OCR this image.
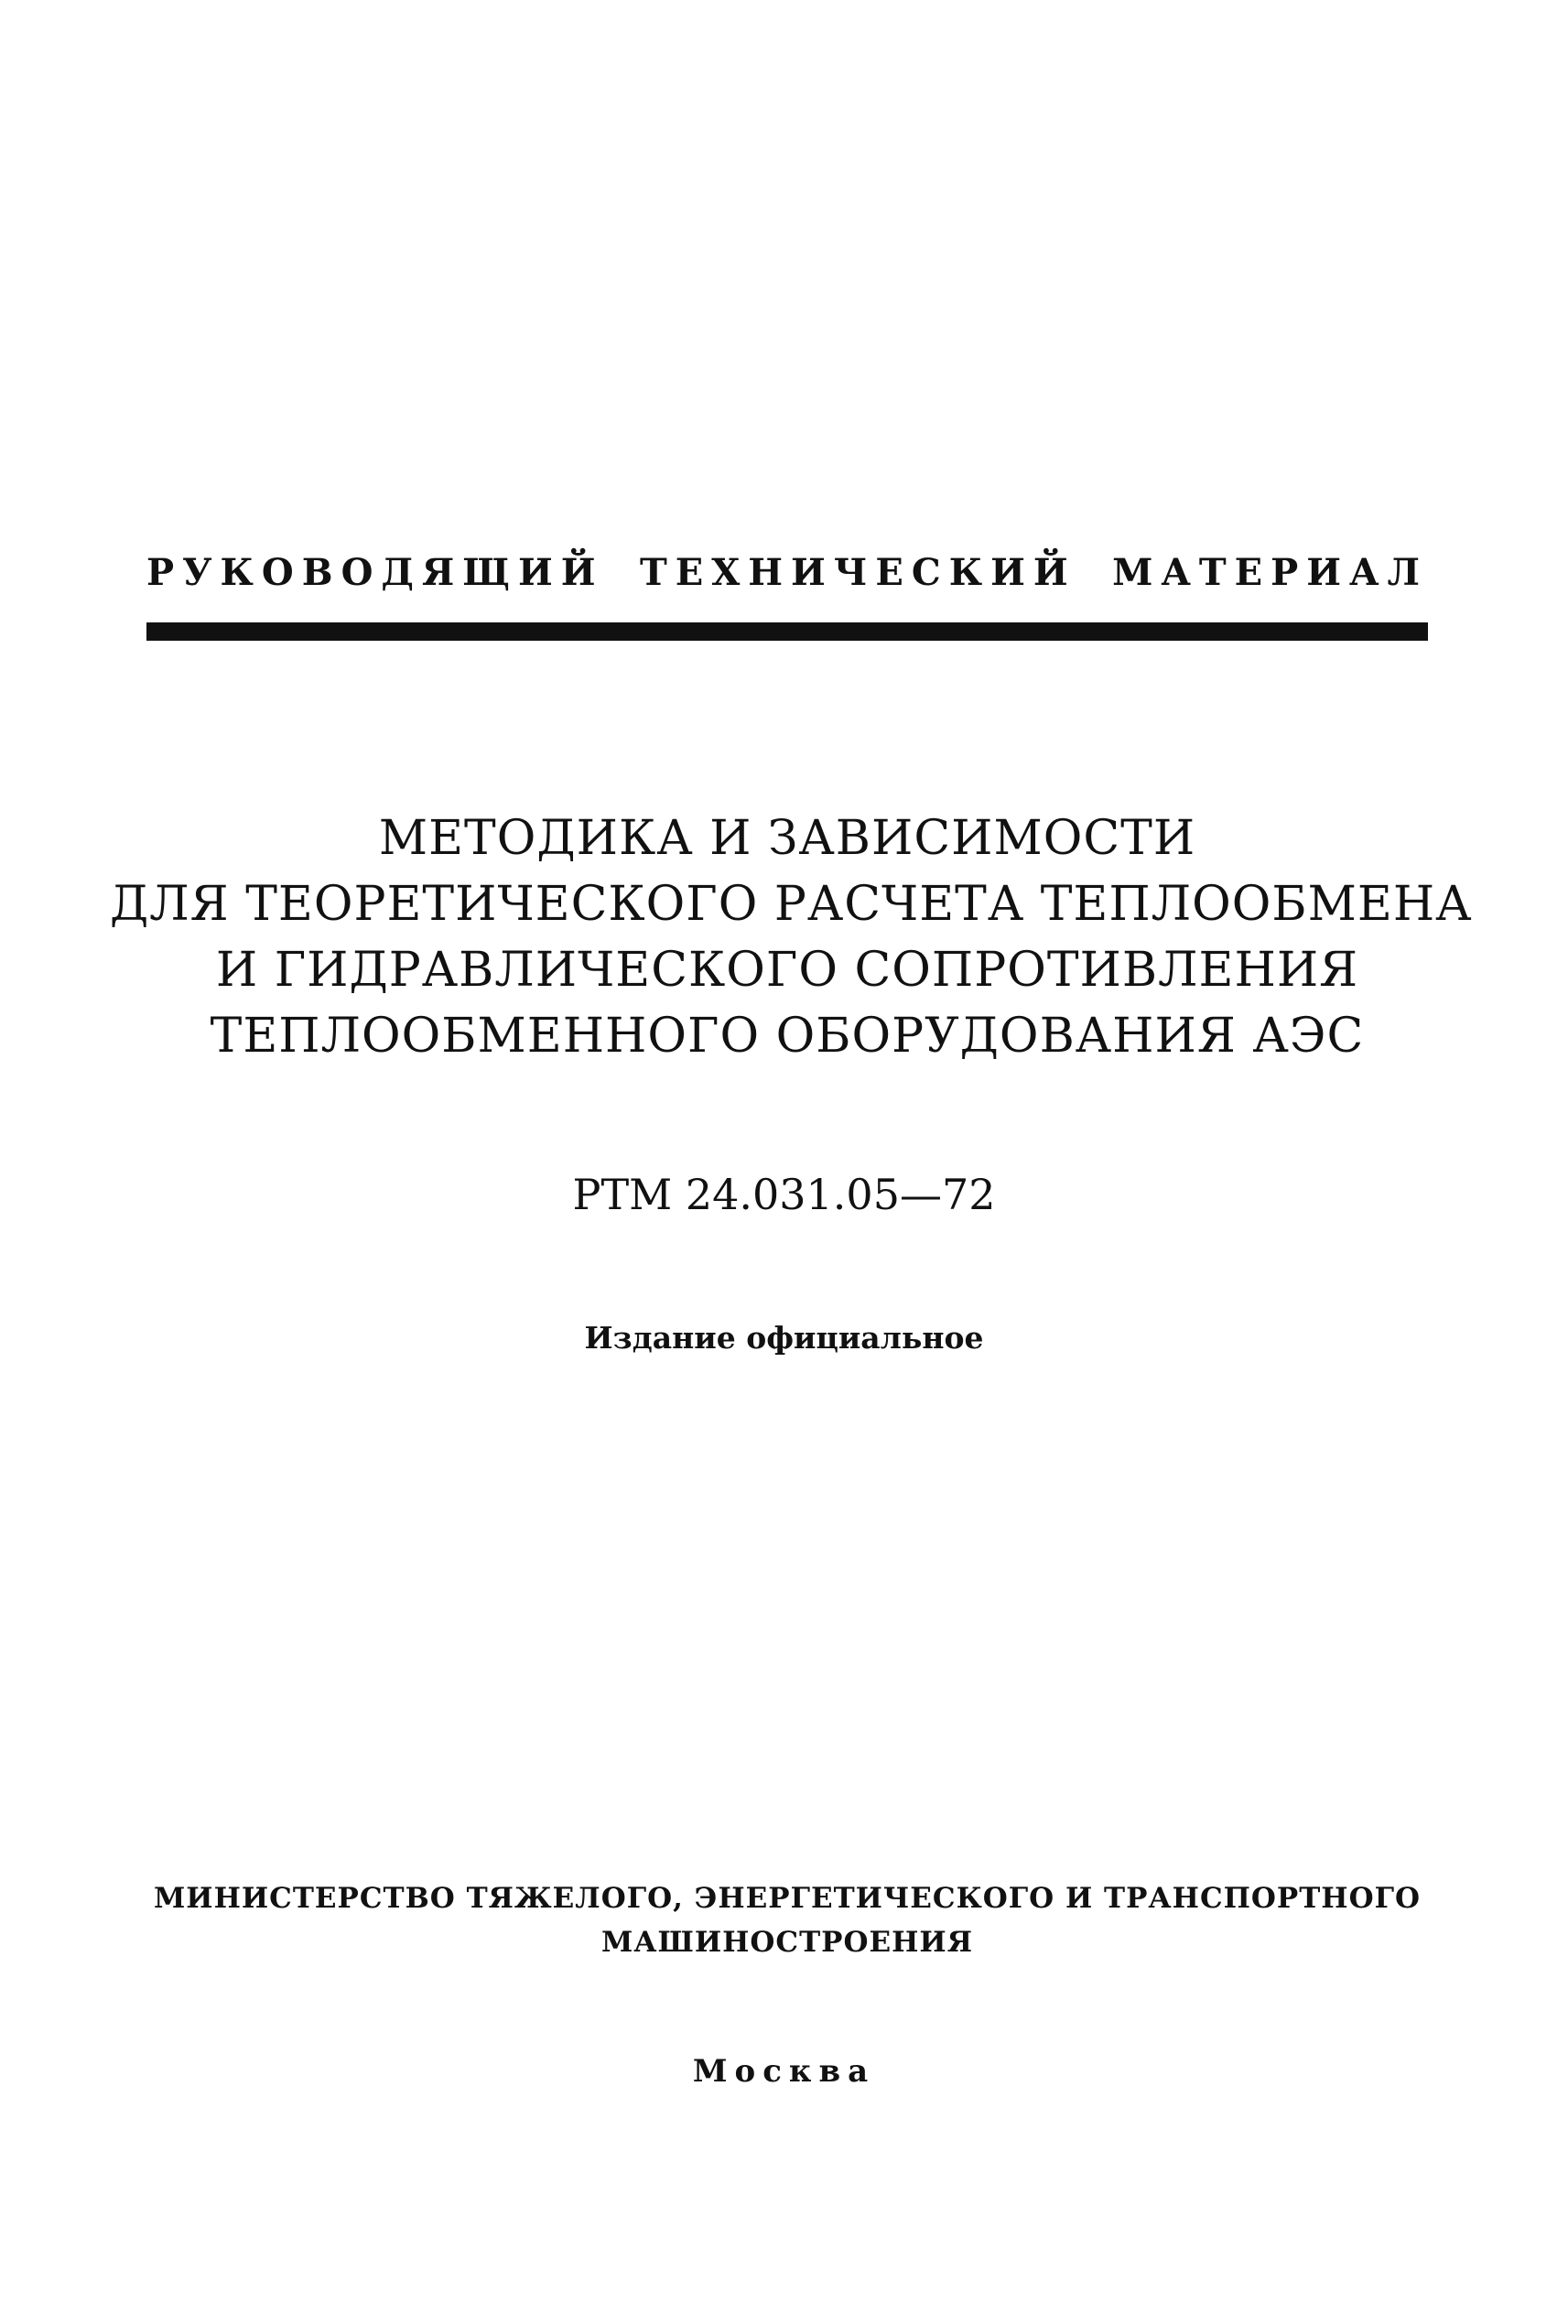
РУКОВОДЯЩИЙ ТЕХНИЧЕСКИЙ МАТЕРИАЛ
МЕТОДИКА И ЗАВИСИМОСТИ
ДЛЯ ТЕОРЕТИЧЕСКОГО РАСЧЕТА ТЕПЛООБМЕНА
И ГИДРАВЛИЧЕСКОГО СОПРОТИВЛЕНИЯ
ТЕПЛООБМЕННОГО ОБОРУДОВАНИЯ АЭС
РТМ 24.031.05—72
Издание официальное
МИНИСТЕРСТВО ТЯЖЕЛОГО, ЭНЕРГЕТИЧЕСКОГО И ТРАНСПОРТНОГО
МАШИНОСТРОЕНИЯ
Москва
